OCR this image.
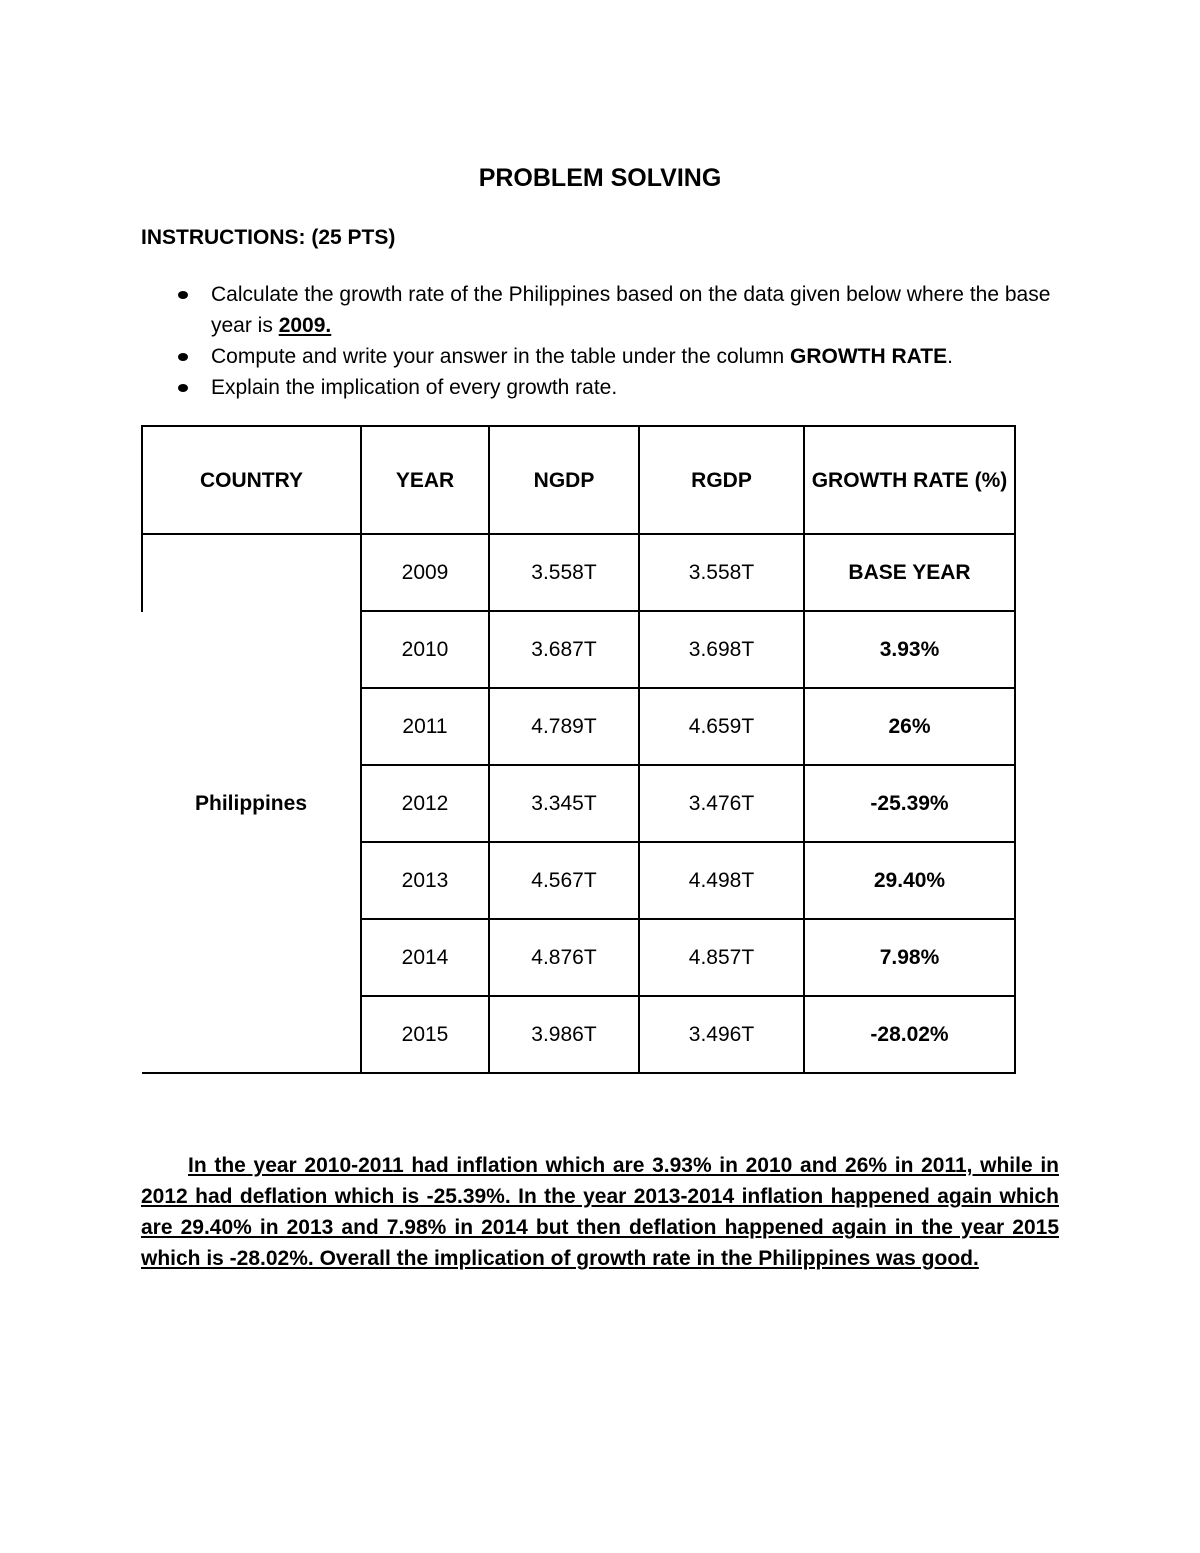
PROBLEM SOLVING
INSTRUCTIONS: (25 PTS)
Calculate the growth rate of the Philippines based on the data given below where the base year is 2009.
Compute and write your answer in the table under the column GROWTH RATE.
Explain the implication of every growth rate.
COUNTRY	YEAR	NGDP	RGDP	GROWTH RATE (%)
Philippines	2009	3.558T	3.558T	BASE YEAR
	2010	3.687T	3.698T	3.93%
	2011	4.789T	4.659T	26%
	2012	3.345T	3.476T	-25.39%
	2013	4.567T	4.498T	29.40%
	2014	4.876T	4.857T	7.98%
	2015	3.986T	3.496T	-28.02%

In the year 2010-2011 had inflation which are 3.93% in 2010 and 26% in 2011, while in 2012 had deflation which is -25.39%. In the year 2013-2014 inflation happened again which are 29.40% in 2013 and 7.98% in 2014 but then deflation happened again in the year 2015 which is -28.02%. Overall the implication of growth rate in the Philippines was good.
